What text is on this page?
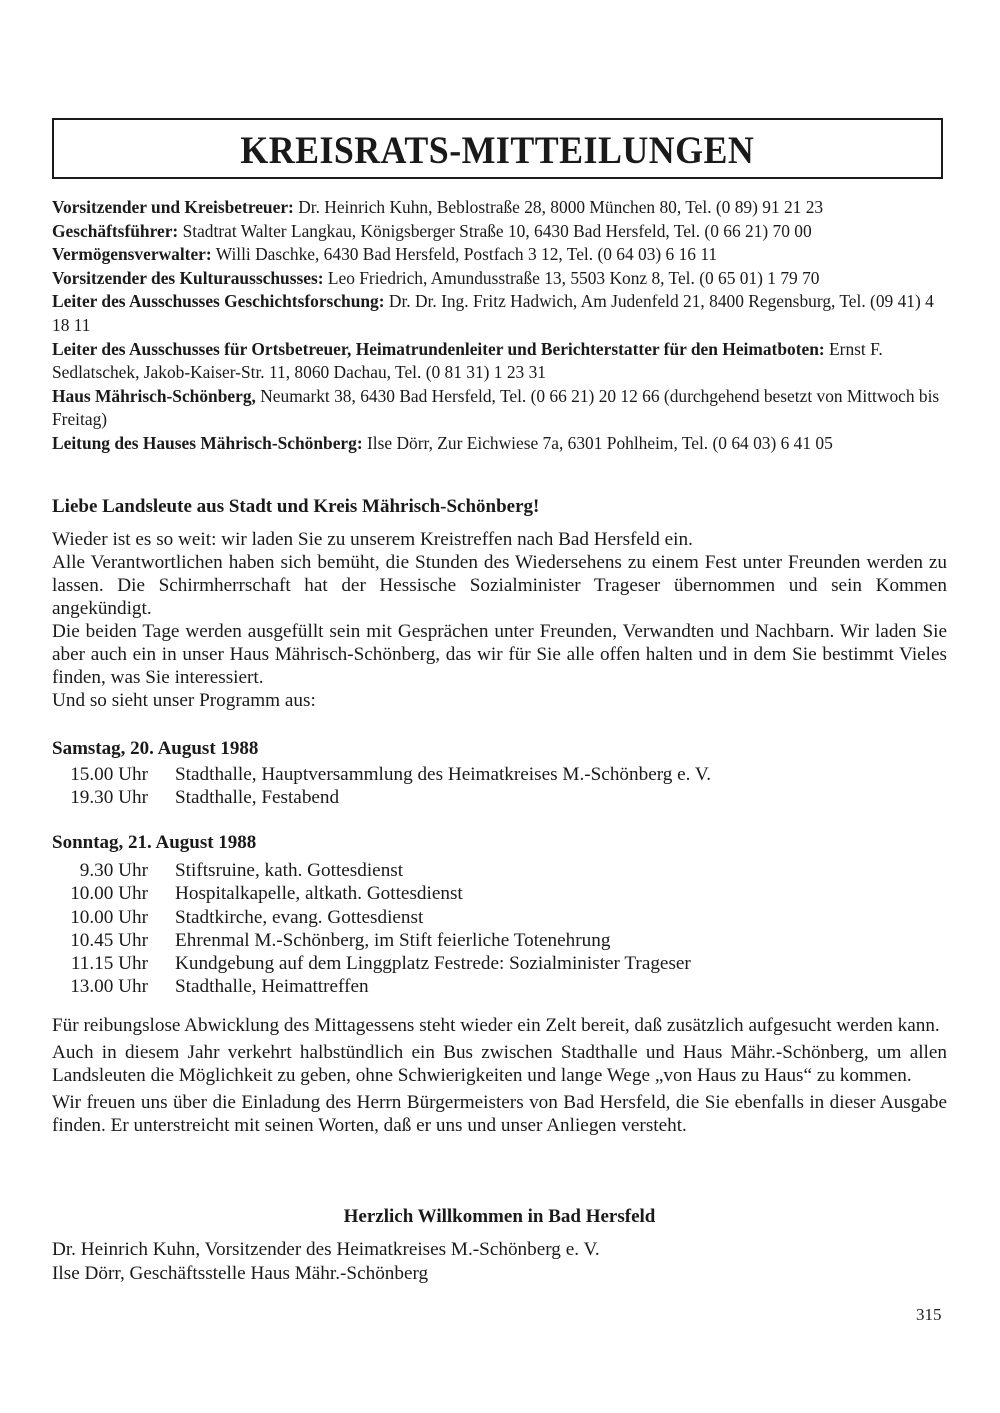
KREISRATS-MITTEILUNGEN

Vorsitzender und Kreisbetreuer: Dr. Heinrich Kuhn, Beblostraße 28, 8000 München 80, Tel. (0 89) 91 21 23

Geschäftsführer: Stadtrat Walter Langkau, Königsberger Straße 10, 6430 Bad Hersfeld, Tel. (0 66 21) 70 00

Vermögensverwalter: Willi Daschke, 6430 Bad Hersfeld, Postfach 3 12, Tel. (0 64 03) 6 16 11

Vorsitzender des Kulturausschusses: Leo Friedrich, Amundusstraße 13, 5503 Konz 8, Tel. (0 65 01) 1 79 70

Leiter des Ausschusses Geschichtsforschung: Dr. Dr. Ing. Fritz Hadwich, Am Judenfeld 21, 8400 Regensburg, Tel. (09 41) 4 18 11

Leiter des Ausschusses für Ortsbetreuer, Heimatrundenleiter und Berichterstatter für den Heimatboten: Ernst F. Sedlatschek, Jakob-Kaiser-Str. 11, 8060 Dachau, Tel. (0 81 31) 1 23 31

Haus Mährisch-Schönberg, Neumarkt 38, 6430 Bad Hersfeld, Tel. (0 66 21) 20 12 66 (durchgehend besetzt von Mittwoch bis Freitag)

Leitung des Hauses Mährisch-Schönberg: Ilse Dörr, Zur Eichwiese 7a, 6301 Pohlheim, Tel. (0 64 03) 6 41 05

Liebe Landsleute aus Stadt und Kreis Mährisch-Schönberg!

Wieder ist es so weit: wir laden Sie zu unserem Kreistreffen nach Bad Hersfeld ein.

Alle Verantwortlichen haben sich bemüht, die Stunden des Wiedersehens zu einem Fest unter Freunden werden zu lassen. Die Schirmherrschaft hat der Hessische Sozialminister Trageser übernommen und sein Kommen angekündigt.

Die beiden Tage werden ausgefüllt sein mit Gesprächen unter Freunden, Verwandten und Nachbarn. Wir laden Sie aber auch ein in unser Haus Mährisch-Schönberg, das wir für Sie alle offen halten und in dem Sie bestimmt Vieles finden, was Sie interessiert.

Und so sieht unser Programm aus:

Samstag, 20. August 1988
15.00 Uhr Stadthalle, Hauptversammlung des Heimatkreises M.-Schönberg e. V.
19.30 Uhr Stadthalle, Festabend
Sonntag, 21. August 1988
9.30 Uhr Stiftsruine, kath. Gottesdienst
10.00 Uhr Hospitalkapelle, altkath. Gottesdienst
10.00 Uhr Stadtkirche, evang. Gottesdienst
10.45 Uhr Ehrenmal M.-Schönberg, im Stift feierliche Totenehrung
11.15 Uhr Kundgebung auf dem Linggplatz Festrede: Sozialminister Trageser
13.00 Uhr Stadthalle, Heimattreffen

Für reibungslose Abwicklung des Mittagessens steht wieder ein Zelt bereit, daß zusätzlich aufgesucht werden kann.

Auch in diesem Jahr verkehrt halbstündlich ein Bus zwischen Stadthalle und Haus Mähr.-Schönberg, um allen Landsleuten die Möglichkeit zu geben, ohne Schwierigkeiten und lange Wege „von Haus zu Haus“ zu kommen.

Wir freuen uns über die Einladung des Herrn Bürgermeisters von Bad Hersfeld, die Sie ebenfalls in dieser Ausgabe finden. Er unterstreicht mit seinen Worten, daß er uns und unser Anliegen versteht.

Herzlich Willkommen in Bad Hersfeld

Dr. Heinrich Kuhn, Vorsitzender des Heimatkreises M.-Schönberg e. V.

Ilse Dörr, Geschäftsstelle Haus Mähr.-Schönberg

315
